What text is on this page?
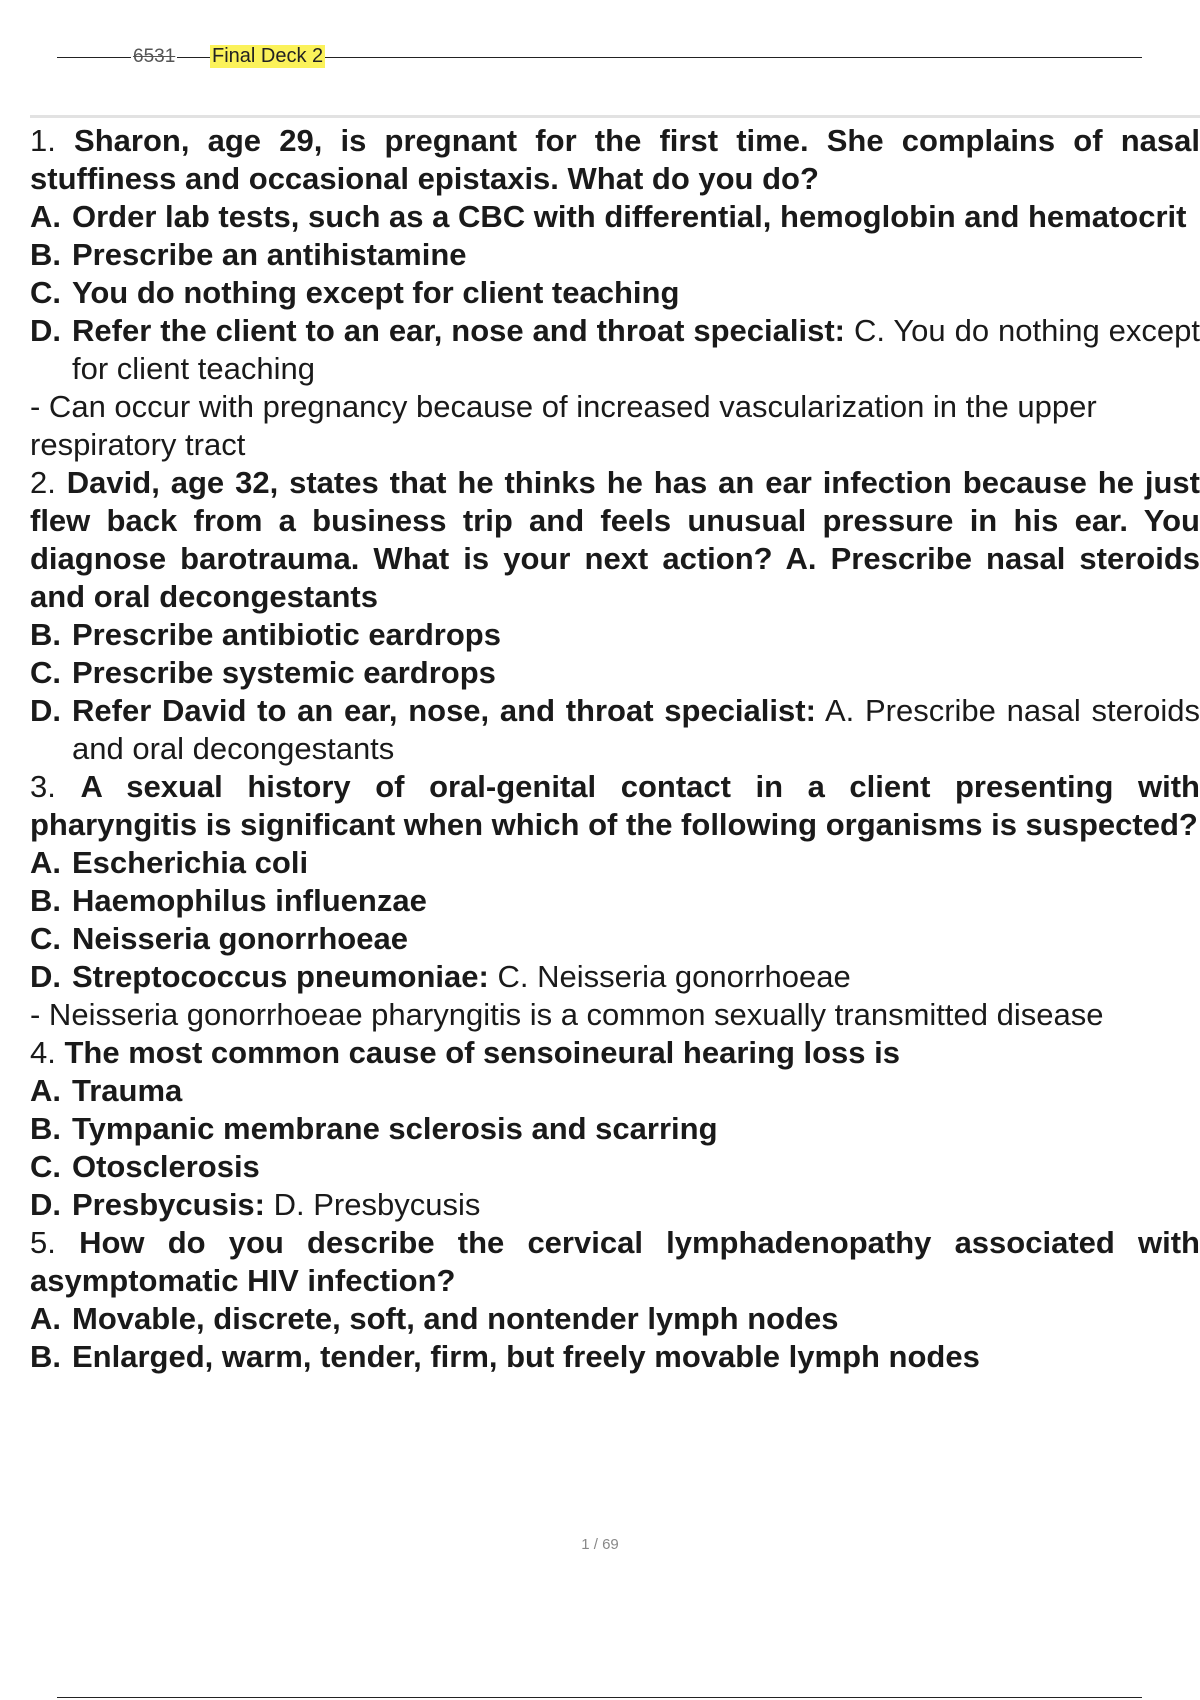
6531 Final Deck 2
1. Sharon, age 29, is pregnant for the first time. She complains of nasal stuffiness and occasional epistaxis. What do you do?
A. Order lab tests, such as a CBC with differential, hemoglobin and hematocrit
B. Prescribe an antihistamine
C. You do nothing except for client teaching
D. Refer the client to an ear, nose and throat specialist: C. You do nothing except for client teaching
- Can occur with pregnancy because of increased vascularization in the upper respiratory tract
2. David, age 32, states that he thinks he has an ear infection because he just flew back from a business trip and feels unusual pressure in his ear. You diagnose barotrauma. What is your next action? A. Prescribe nasal steroids and oral decongestants
B. Prescribe antibiotic eardrops
C. Prescribe systemic eardrops
D. Refer David to an ear, nose, and throat specialist: A. Prescribe nasal steroids and oral decongestants
3. A sexual history of oral-genital contact in a client presenting with pharyngitis is significant when which of the following organisms is suspected?
A. Escherichia coli
B. Haemophilus influenzae
C. Neisseria gonorrhoeae
D. Streptococcus pneumoniae: C. Neisseria gonorrhoeae
- Neisseria gonorrhoeae pharyngitis is a common sexually transmitted disease
4. The most common cause of sensoineural hearing loss is
A. Trauma
B. Tympanic membrane sclerosis and scarring
C. Otosclerosis
D. Presbycusis: D. Presbycusis
5. How do you describe the cervical lymphadenopathy associated with asymptomatic HIV infection?
A. Movable, discrete, soft, and nontender lymph nodes
B. Enlarged, warm, tender, firm, but freely movable lymph nodes
1 / 69
